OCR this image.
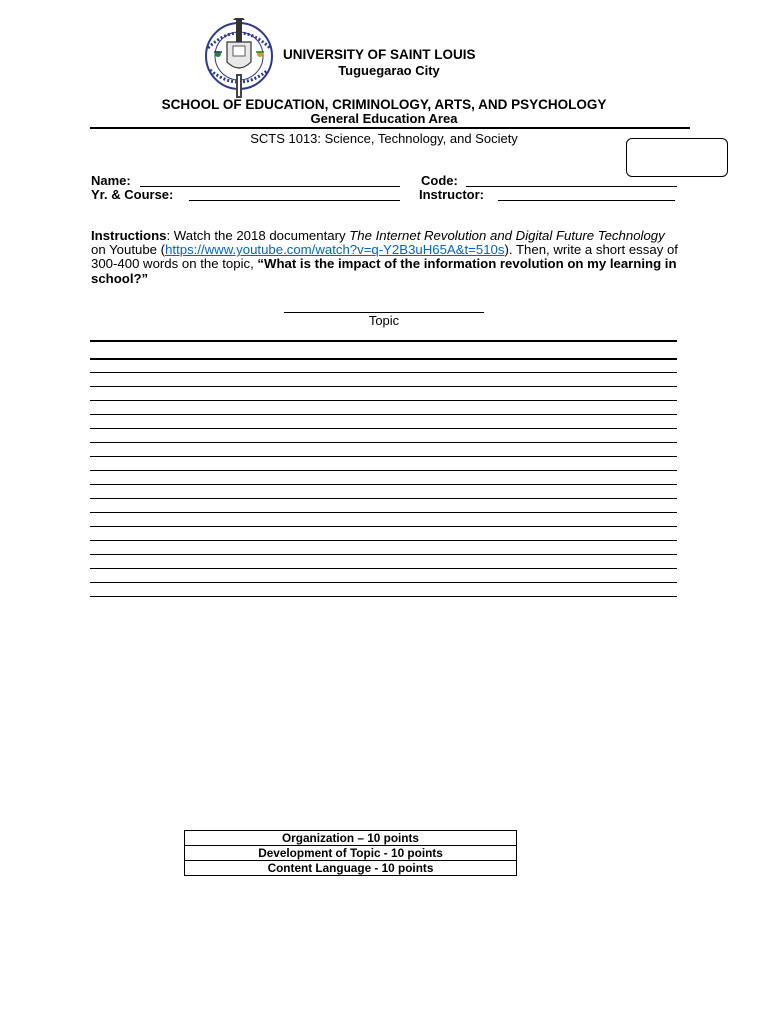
UNIVERSITY OF SAINT LOUIS
Tuguegarao City
SCHOOL OF EDUCATION, CRIMINOLOGY, ARTS, AND PSYCHOLOGY
General Education Area
SCTS 1013: Science, Technology, and Society
Name:	Code:
Yr. & Course:	Instructor:
Instructions: Watch the 2018 documentary The Internet Revolution and Digital Future Technology on Youtube (https://www.youtube.com/watch?v=q-Y2B3uH65A&t=510s). Then, write a short essay of 300-400 words on the topic, “What is the impact of the information revolution on my learning in school?”
Topic
Organization – 10 points
Development of Topic - 10 points
Content Language - 10 points
